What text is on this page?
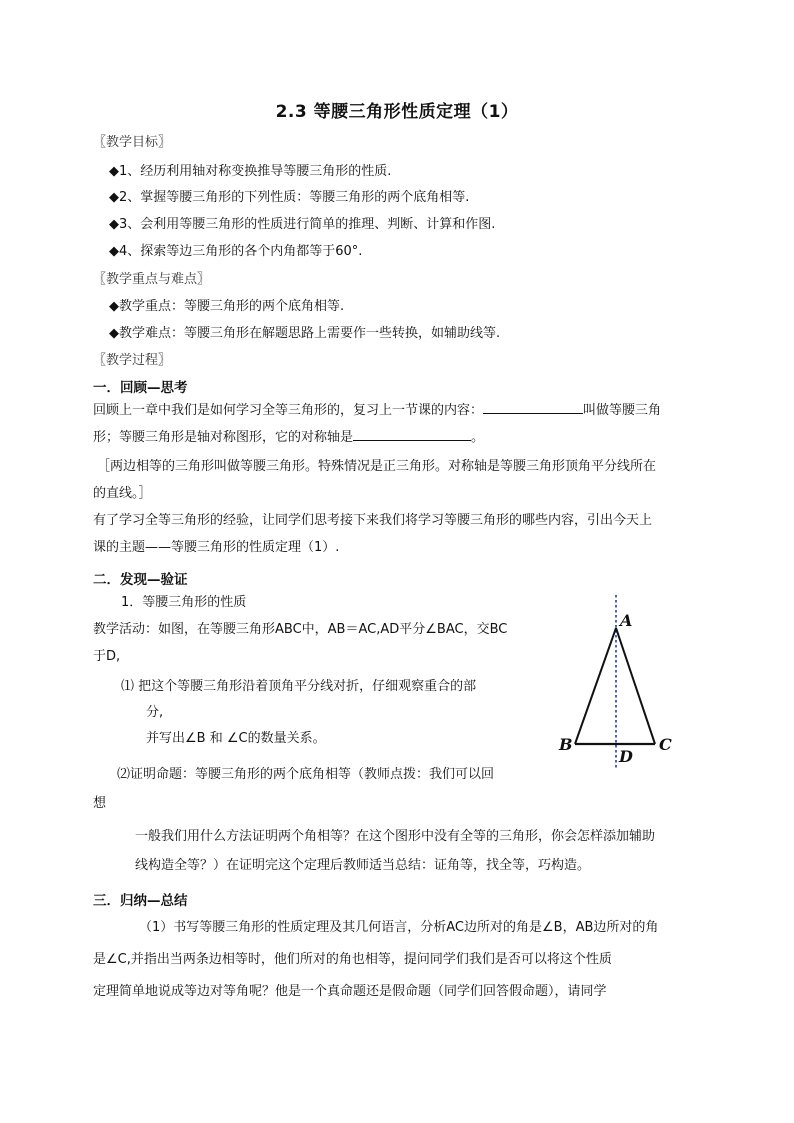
2.3 等腰三角形性质定理（1）
〖教学目标〗
◆1、经历利用轴对称变换推导等腰三角形的性质.
◆2、掌握等腰三角形的下列性质：等腰三角形的两个底角相等.
◆3、会利用等腰三角形的性质进行简单的推理、判断、计算和作图.
◆4、探索等边三角形的各个内角都等于60°.
〖教学重点与难点〗
◆教学重点：等腰三角形的两个底角相等.
◆教学难点：等腰三角形在解题思路上需要作一些转换，如辅助线等.
〖教学过程〗
一．回顾—思考
回顾上一章中我们是如何学习全等三角形的，复习上一节课的内容：	叫做等腰三角
形；等腰三角形是轴对称图形，它的对称轴是	。
［两边相等的三角形叫做等腰三角形。特殊情况是正三角形。对称轴是等腰三角形顶角平分线所在
的直线。］
有了学习全等三角形的经验，让同学们思考接下来我们将学习等腰三角形的哪些内容，引出今天上
课的主题——等腰三角形的性质定理（1）.
二．发现—验证
1．等腰三角形的性质
教学活动：如图，在等腰三角形ABC中，AB＝AC,AD平分∠BAC，交BC
于D,
⑴ 把这个等腰三角形沿着顶角平分线对折，仔细观察重合的部
分,
并写出∠B 和 ∠C的数量关系。
⑵证明命题：等腰三角形的两个底角相等（教师点拨：我们可以回
想
一般我们用什么方法证明两个角相等？在这个图形中没有全等的三角形，你会怎样添加辅助
线构造全等？）在证明完这个定理后教师适当总结：证角等，找全等，巧构造。
三．归纳—总结
（1）书写等腰三角形的性质定理及其几何语言，分析AC边所对的角是∠B，AB边所对的角
是∠C,并指出当两条边相等时，他们所对的角也相等，提问同学们我们是否可以将这个性质
定理简单地说成等边对等角呢？他是一个真命题还是假命题（同学们回答假命题），请同学
A
B	C
D
